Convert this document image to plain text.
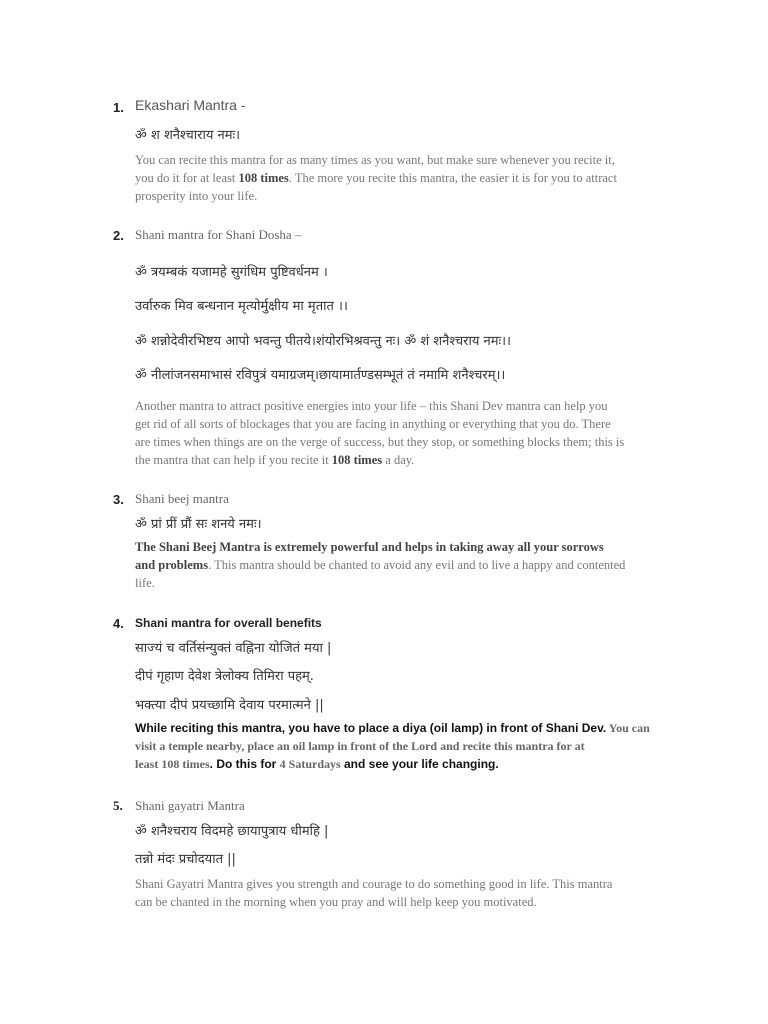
1. Ekashari Mantra -
ॐ श शनैश्चाराय नमः।
You can recite this mantra for as many times as you want, but make sure whenever you recite it,
you do it for at least 108 times. The more you recite this mantra, the easier it is for you to attract
prosperity into your life.
2. Shani mantra for Shani Dosha –
ॐ त्रयम्बकं यजामहे सुगंधिम पुष्टिवर्धनम ।
उर्वारुक मिव बन्धनान मृत्योर्मुक्षीय मा मृतात ।।
ॐ शन्नोदेवीरभिष्टय आपो भवन्तु पीतये।शंयोरभिश्रवन्तु नः। ॐ शं शनैश्चराय नमः।।
ॐ नीलांजनसमाभासं रविपुत्रं यमाग्रजम्।छायामार्तण्डसम्भूतं तं नमामि शनैश्चरम्।।
Another mantra to attract positive energies into your life – this Shani Dev mantra can help you
get rid of all sorts of blockages that you are facing in anything or everything that you do. There
are times when things are on the verge of success, but they stop, or something blocks them; this is
the mantra that can help if you recite it 108 times a day.
3. Shani beej mantra
ॐ प्रां प्रीं प्रौं सः शनये नमः।
The Shani Beej Mantra is extremely powerful and helps in taking away all your sorrows
and problems. This mantra should be chanted to avoid any evil and to live a happy and contented
life.
4. Shani mantra for overall benefits
साज्यं च वर्तिसंन्युक्तं वह्निना योजितं मया |
दीपं गृहाण देवेश त्रेलोक्य तिमिरा पहम्.
भक्त्या दीपं प्रयच्छामि देवाय परमात्मने ||
While reciting this mantra, you have to place a diya (oil lamp) in front of Shani Dev. You can
visit a temple nearby, place an oil lamp in front of the Lord and recite this mantra for at
least 108 times. Do this for 4 Saturdays and see your life changing.
5. Shani gayatri Mantra
ॐ शनैश्चराय विदमहे छायापुत्राय धीमहि |
तन्नो मंदः प्रचोदयात ||
Shani Gayatri Mantra gives you strength and courage to do something good in life. This mantra
can be chanted in the morning when you pray and will help keep you motivated.
